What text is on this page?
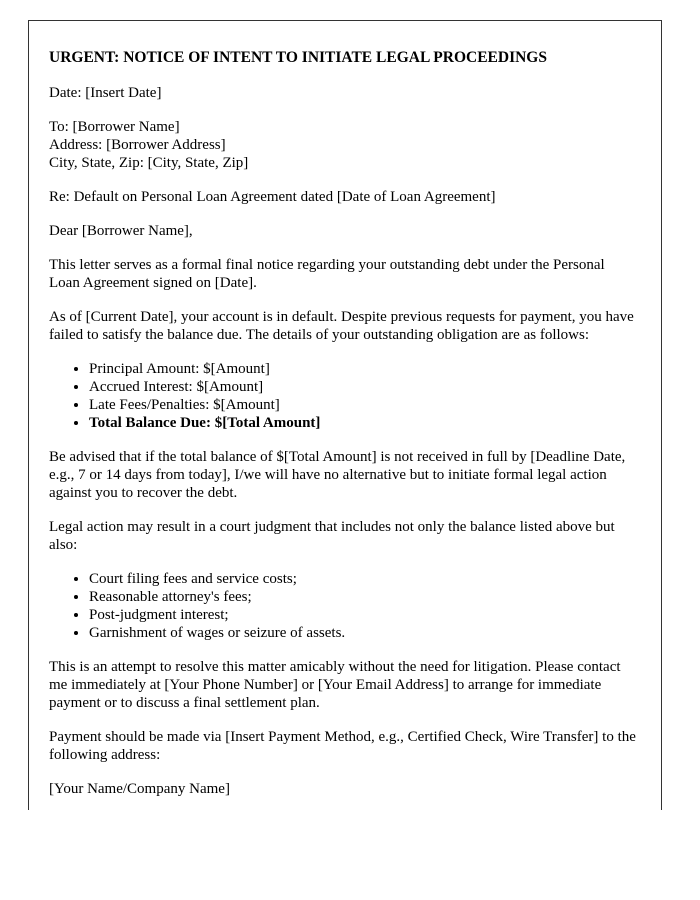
URGENT: NOTICE OF INTENT TO INITIATE LEGAL PROCEEDINGS

Date: [Insert Date]

To: [Borrower Name]
Address: [Borrower Address]
City, State, Zip: [City, State, Zip]

Re: Default on Personal Loan Agreement dated [Date of Loan Agreement]

Dear [Borrower Name],

This letter serves as a formal final notice regarding your outstanding debt under the Personal Loan Agreement signed on [Date].

As of [Current Date], your account is in default. Despite previous requests for payment, you have failed to satisfy the balance due. The details of your outstanding obligation are as follows:

• Principal Amount: $[Amount]
• Accrued Interest: $[Amount]
• Late Fees/Penalties: $[Amount]
• Total Balance Due: $[Total Amount]

Be advised that if the total balance of $[Total Amount] is not received in full by [Deadline Date, e.g., 7 or 14 days from today], I/we will have no alternative but to initiate formal legal action against you to recover the debt.

Legal action may result in a court judgment that includes not only the balance listed above but also:

• Court filing fees and service costs;
• Reasonable attorney's fees;
• Post-judgment interest;
• Garnishment of wages or seizure of assets.

This is an attempt to resolve this matter amicably without the need for litigation. Please contact me immediately at [Your Phone Number] or [Your Email Address] to arrange for immediate payment or to discuss a final settlement plan.

Payment should be made via [Insert Payment Method, e.g., Certified Check, Wire Transfer] to the following address:

[Your Name/Company Name]
